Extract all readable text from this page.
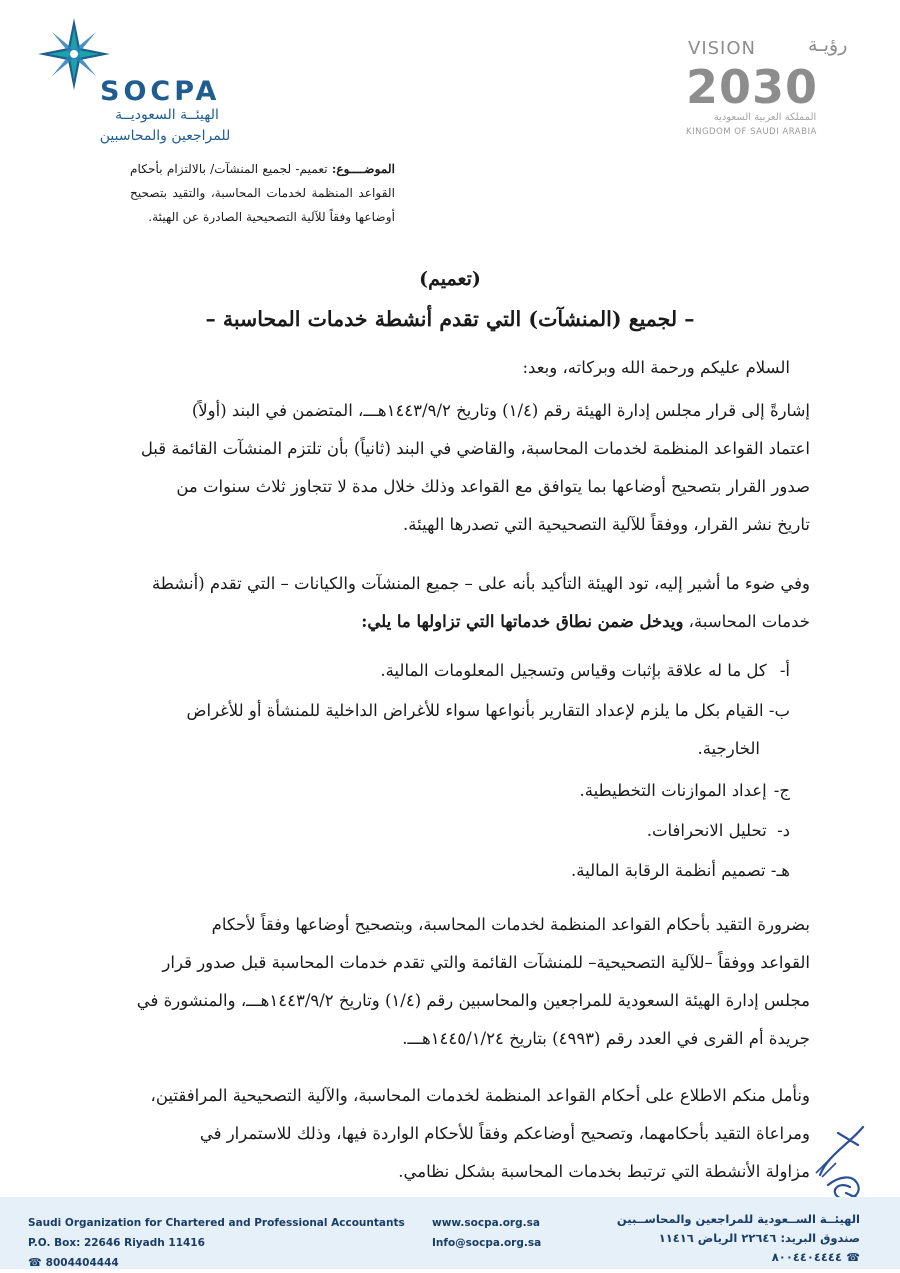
SOCPA
الهيئــة السعوديــة
للمراجعين والمحاسبين
VISION	رؤيـة
2030
المملكة العربية السعودية
KINGDOM OF SAUDI ARABIA
الموضــــوع: تعميم- لجميع المنشآت/ بالالتزام بأحكام القواعد المنظمة لخدمات المحاسبة، والتقيد بتصحيح أوضاعها وفقاً للآلية التصحيحية الصادرة عن الهيئة.
(تعميم)
– لجميع (المنشآت) التي تقدم أنشطة خدمات المحاسبة –
السلام عليكم ورحمة الله وبركاته، وبعد:
إشارةً إلى قرار مجلس إدارة الهيئة رقم (١/٤) وتاريخ ١٤٤٣/٩/٢هـــ، المتضمن في البند (أولاً)
اعتماد القواعد المنظمة لخدمات المحاسبة، والقاضي في البند (ثانياً) بأن تلتزم المنشآت القائمة قبل
صدور القرار بتصحيح أوضاعها بما يتوافق مع القواعد وذلك خلال مدة لا تتجاوز ثلاث سنوات من
تاريخ نشر القرار، ووفقاً للآلية التصحيحية التي تصدرها الهيئة.
وفي ضوء ما أشير إليه، تود الهيئة التأكيد بأنه على – جميع المنشآت والكيانات – التي تقدم (أنشطة
خدمات المحاسبة، ويدخل ضمن نطاق خدماتها التي تزاولها ما يلي:
أ- كل ما له علاقة بإثبات وقياس وتسجيل المعلومات المالية.
ب- القيام بكل ما يلزم لإعداد التقارير بأنواعها سواء للأغراض الداخلية للمنشأة أو للأغراض
الخارجية.
ج- إعداد الموازنات التخطيطية.
د- تحليل الانحرافات.
هـ- تصميم أنظمة الرقابة المالية.
بضرورة التقيد بأحكام القواعد المنظمة لخدمات المحاسبة، وبتصحيح أوضاعها وفقاً لأحكام
القواعد ووفقاً –للآلية التصحيحية– للمنشآت القائمة والتي تقدم خدمات المحاسبة قبل صدور قرار
مجلس إدارة الهيئة السعودية للمراجعين والمحاسبين رقم (١/٤) وتاريخ ١٤٤٣/٩/٢هـــ، والمنشورة في
جريدة أم القرى في العدد رقم (٤٩٩٣) بتاريخ ١٤٤٥/١/٢٤هـــ.
ونأمل منكم الاطلاع على أحكام القواعد المنظمة لخدمات المحاسبة، والآلية التصحيحية المرافقتين،
ومراعاة التقيد بأحكامهما، وتصحيح أوضاعكم وفقاً للأحكام الواردة فيها، وذلك للاستمرار في
مزاولة الأنشطة التي ترتبط بخدمات المحاسبة بشكل نظامي.
Saudi Organization for Chartered and Professional Accountants
P.O. Box: 22646 Riyadh 11416
☎ 8004404444
www.socpa.org.sa
Info@socpa.org.sa
الهيئــة الســعودية للمراجعين والمحاســبين
صندوق البريد: ٢٢٦٤٦ الرياض ١١٤١٦
☎ ٨٠٠٤٤٠٤٤٤٤
